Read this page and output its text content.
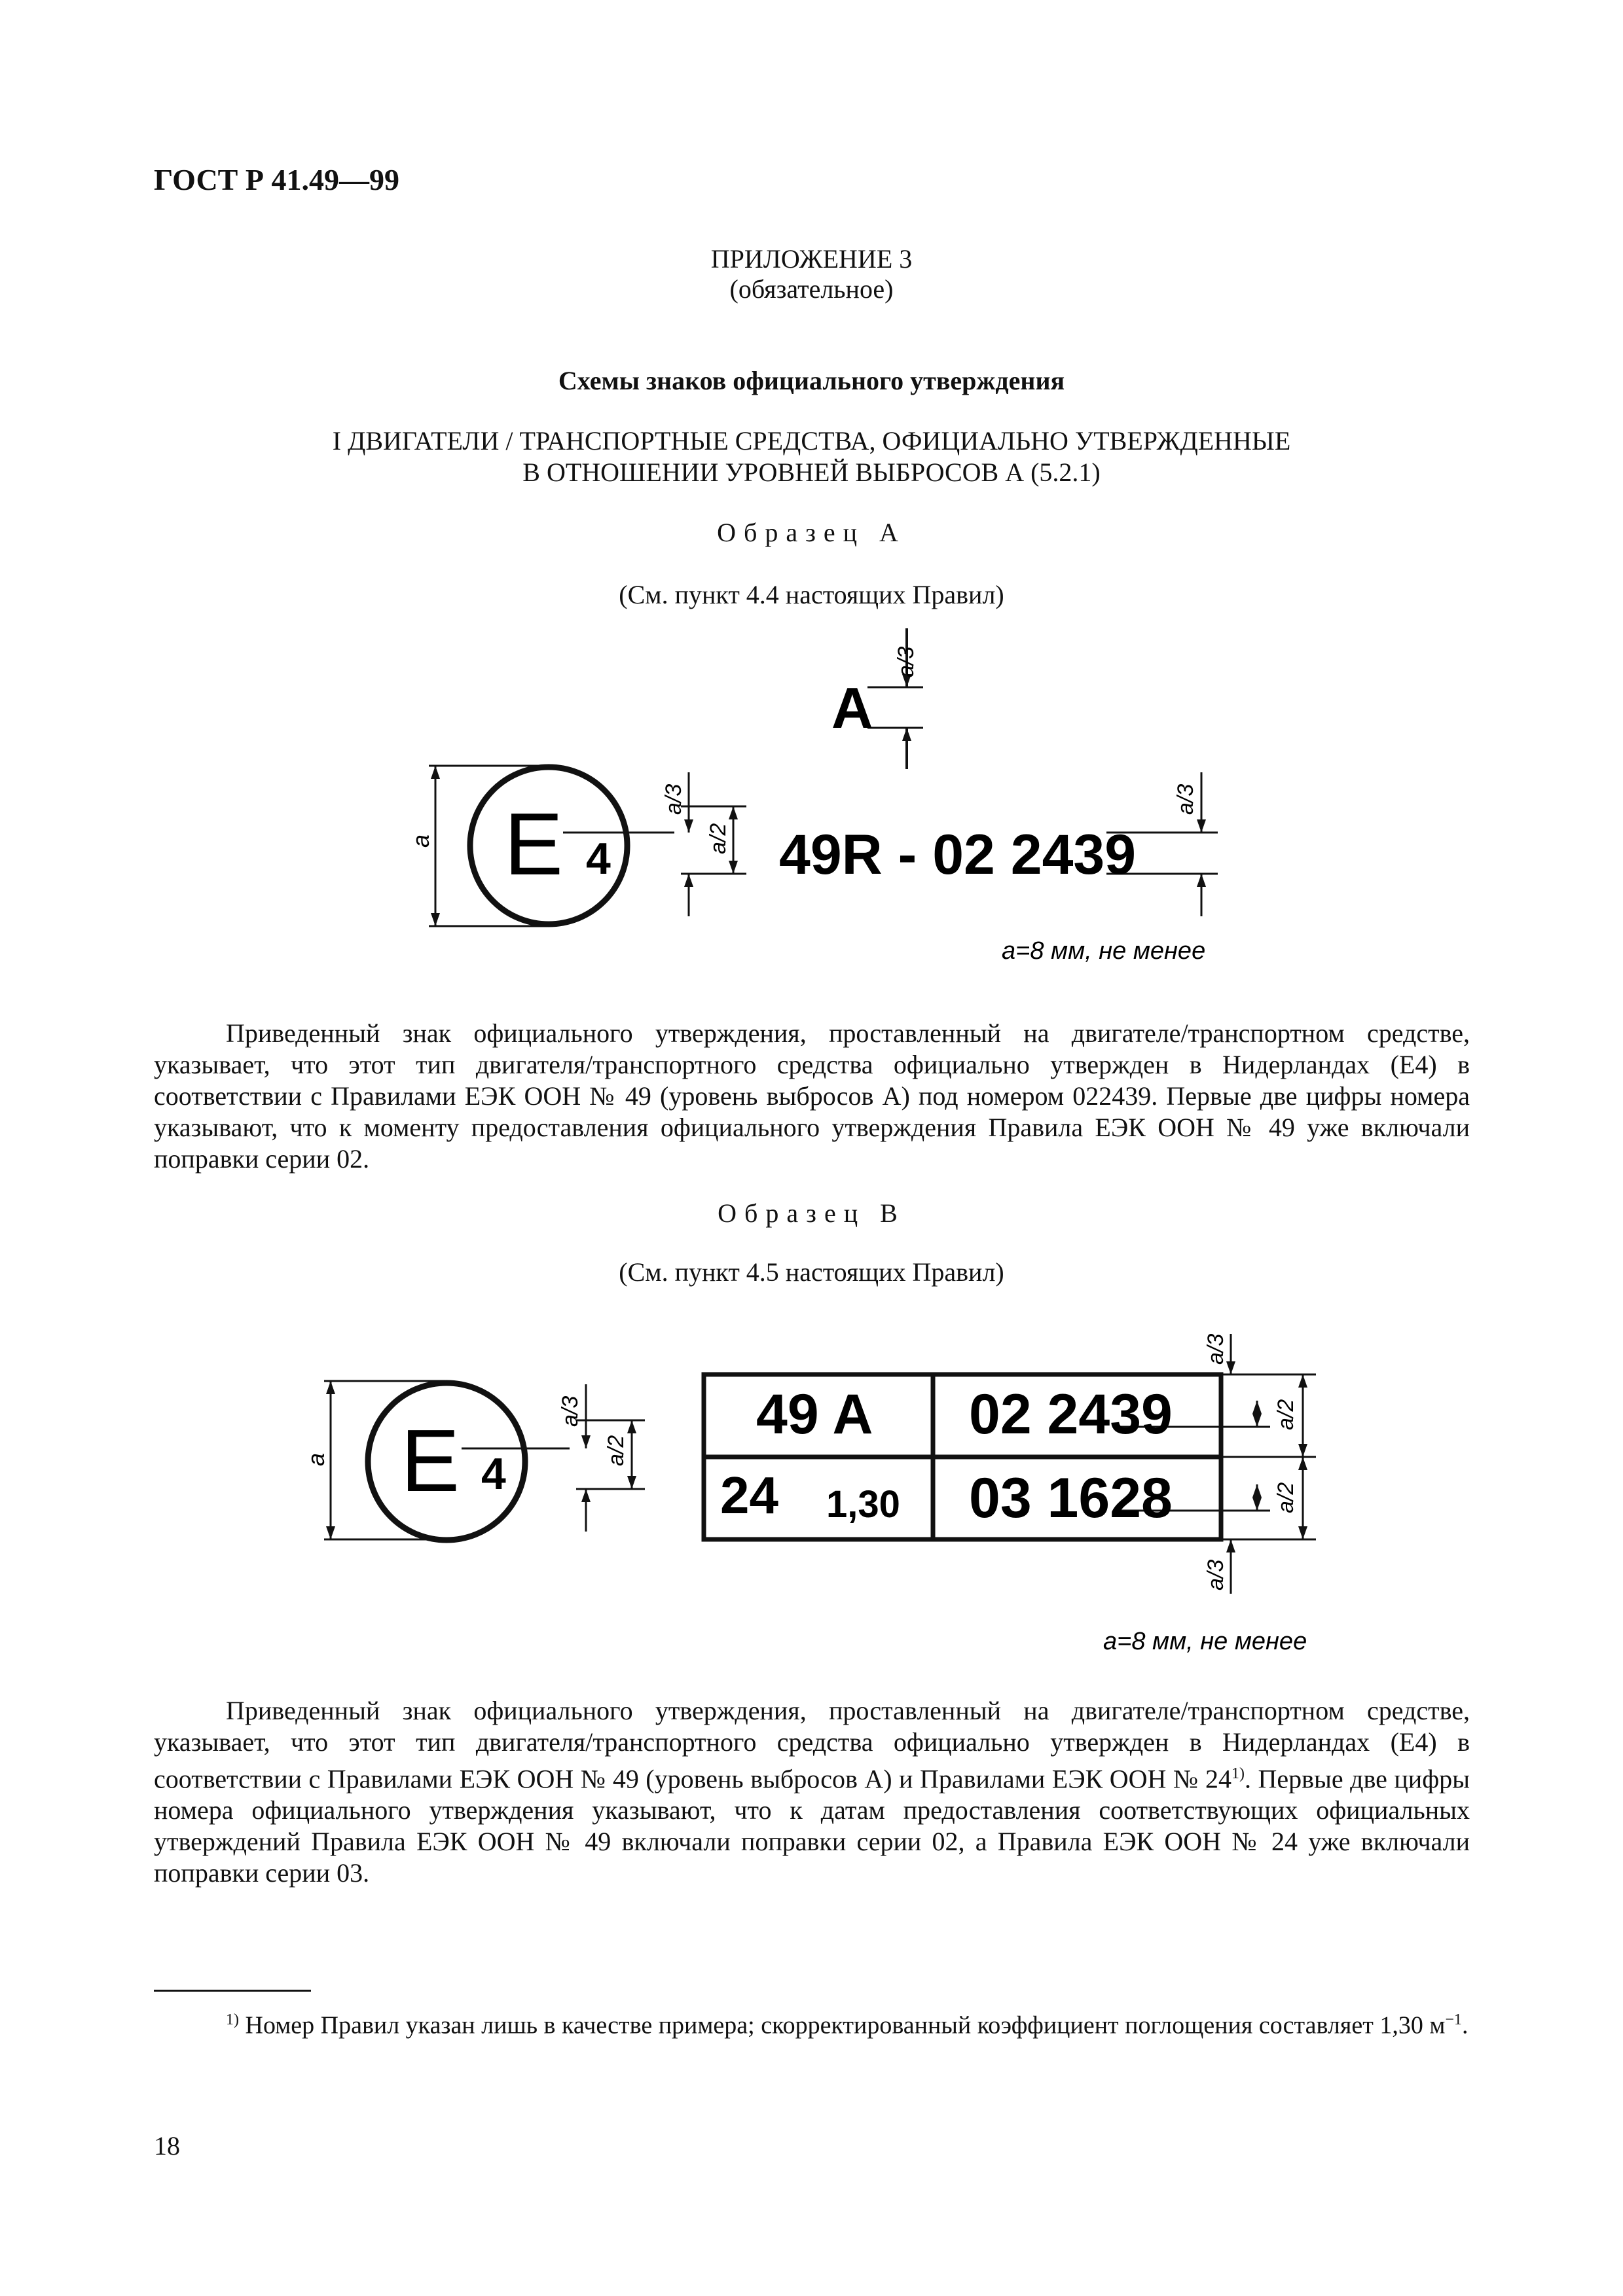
ГОСТ Р 41.49—99
ПРИЛОЖЕНИЕ 3
(обязательное)
Схемы знаков официального утверждения
I ДВИГАТЕЛИ / ТРАНСПОРТНЫЕ СРЕДСТВА, ОФИЦИАЛЬНО УТВЕРЖДЕННЫЕ
В ОТНОШЕНИИ УРОВНЕЙ ВЫБРОСОВ А (5.2.1)
Образец А
(См. пункт 4.4 настоящих Правил)
A
E 4	49R - 02 2439
a
a/3
a/3
a/2
a/3
a=8 мм, не менее
Приведенный знак официального утверждения, проставленный на двигателе/транспортном средстве, указывает, что этот тип двигателя/транспортного средства официально утвержден в Нидерландах (Е4) в соответствии с Правилами ЕЭК ООН № 49 (уровень выбросов А) под номером 022439. Первые две цифры номера указывают, что к моменту предоставления официального утверждения Правила ЕЭК ООН № 49 уже включали поправки серии 02.
Образец В
(См. пункт 4.5 настоящих Правил)
E 4
49 A 02 2439
24 1,30 03 1628
a
a/3
a/2
a/3
a/2
a/2
a/3
a=8 мм, не менее
Приведенный знак официального утверждения, проставленный на двигателе/транспортном средстве, указывает, что этот тип двигателя/транспортного средства официально утвержден в Нидерландах (Е4) в соответствии с Правилами ЕЭК ООН № 49 (уровень выбросов А) и Правилами ЕЭК ООН № 24$^{1)}$. Первые две цифры номера официального утверждения указывают, что к датам предоставления соответствующих официальных утверждений Правила ЕЭК ООН № 49 включали поправки серии 02, а Правила ЕЭК ООН № 24 уже включали поправки серии 03.
$^{1)}$ Номер Правил указан лишь в качестве примера; скорректированный коэффициент поглощения составляет 1,30 $м^{-1}$.
18
